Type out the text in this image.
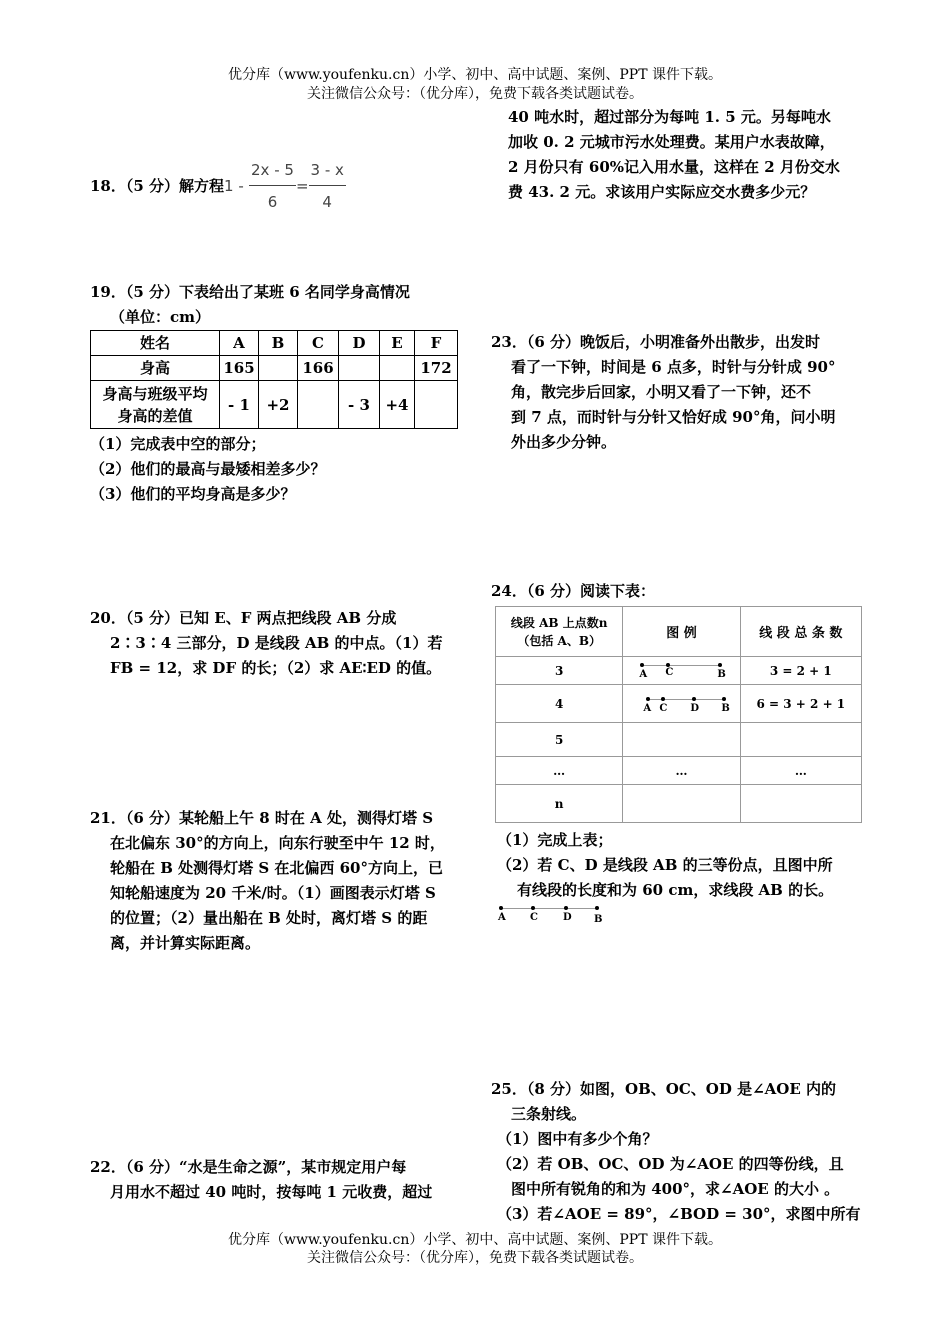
优分库（www.youfenku.cn）小学、初中、高中试题、案例、PPT 课件下载。
关注微信公众号：（优分库），免费下载各类试题试卷。
18．（5 分）解方程$1 - \frac{2x - 5}{6} = \frac{3 - x}{4}$

19．（5 分）下表给出了某班 6 名同学身高情况

（单位：cm）

姓名	A	B	C	D	E	F
身高	165		166			172
身高与班级平均身高的差值	- 1	+2		- 3	+4	

（1）完成表中空的部分；

（2）他们的最高与最矮相差多少？

（3）他们的平均身高是多少？

20．（5 分）已知 E、F 两点把线段 AB 分成

2∶3∶4 三部分，D 是线段 AB 的中点。（1）若

FB = 12，求 DF 的长；（2）求 AE∶ED 的值。

21．（6 分）某轮船上午 8 时在 A 处，测得灯塔 S

在北偏东 30°的方向上，向东行驶至中午 12 时，

轮船在 B 处测得灯塔 S 在北偏西 60°方向上，已

知轮船速度为 20 千米/时。（1）画图表示灯塔 S

的位置；（2）量出船在 B 处时，离灯塔 S 的距

离，并计算实际距离。

22．（6 分）“水是生命之源”，某市规定用户每

月用水不超过 40 吨时，按每吨 1 元收费，超过

40 吨水时，超过部分为每吨 1. 5 元。另每吨水

加收 0. 2 元城市污水处理费。某用户水表故障，

2 月份只有 60%记入用水量，这样在 2 月份交水

费 43. 2 元。求该用户实际应交水费多少元？

23．（6 分）晚饭后，小明准备外出散步，出发时

看了一下钟，时间是 6 点多，时针与分针成 90°

角，散完步后回家，小明又看了一下钟，还不

到 7 点，而时针与分针又恰好成 90°角，问小明

外出多少分钟。

24．（6 分）阅读下表：
线段 AB 上点数n
（包括 A、B）	图 例	线 段 总 条 数
3	A C B	3 = 2 + 1
4	A C D B	6 = 3 + 2 + 1
5		
…	…	…
n		

（1）完成上表；

（2）若 C、D 是线段 AB 的三等份点，且图中所

有线段的长度和为 60 cm，求线段 AB 的长。

A C	D B

25．（8 分）如图，OB、OC、OD 是∠AOE 内的

三条射线。

（1）图中有多少个角？

（2）若 OB、OC、OD 为∠AOE 的四等份线，且

图中所有锐角的和为 400°，求∠AOE 的大小 。

（3）若∠AOE = 89°，∠BOD = 30°，求图中所有

优分库（www.youfenku.cn）小学、初中、高中试题、案例、PPT 课件下载。
关注微信公众号：（优分库），免费下载各类试题试卷。
